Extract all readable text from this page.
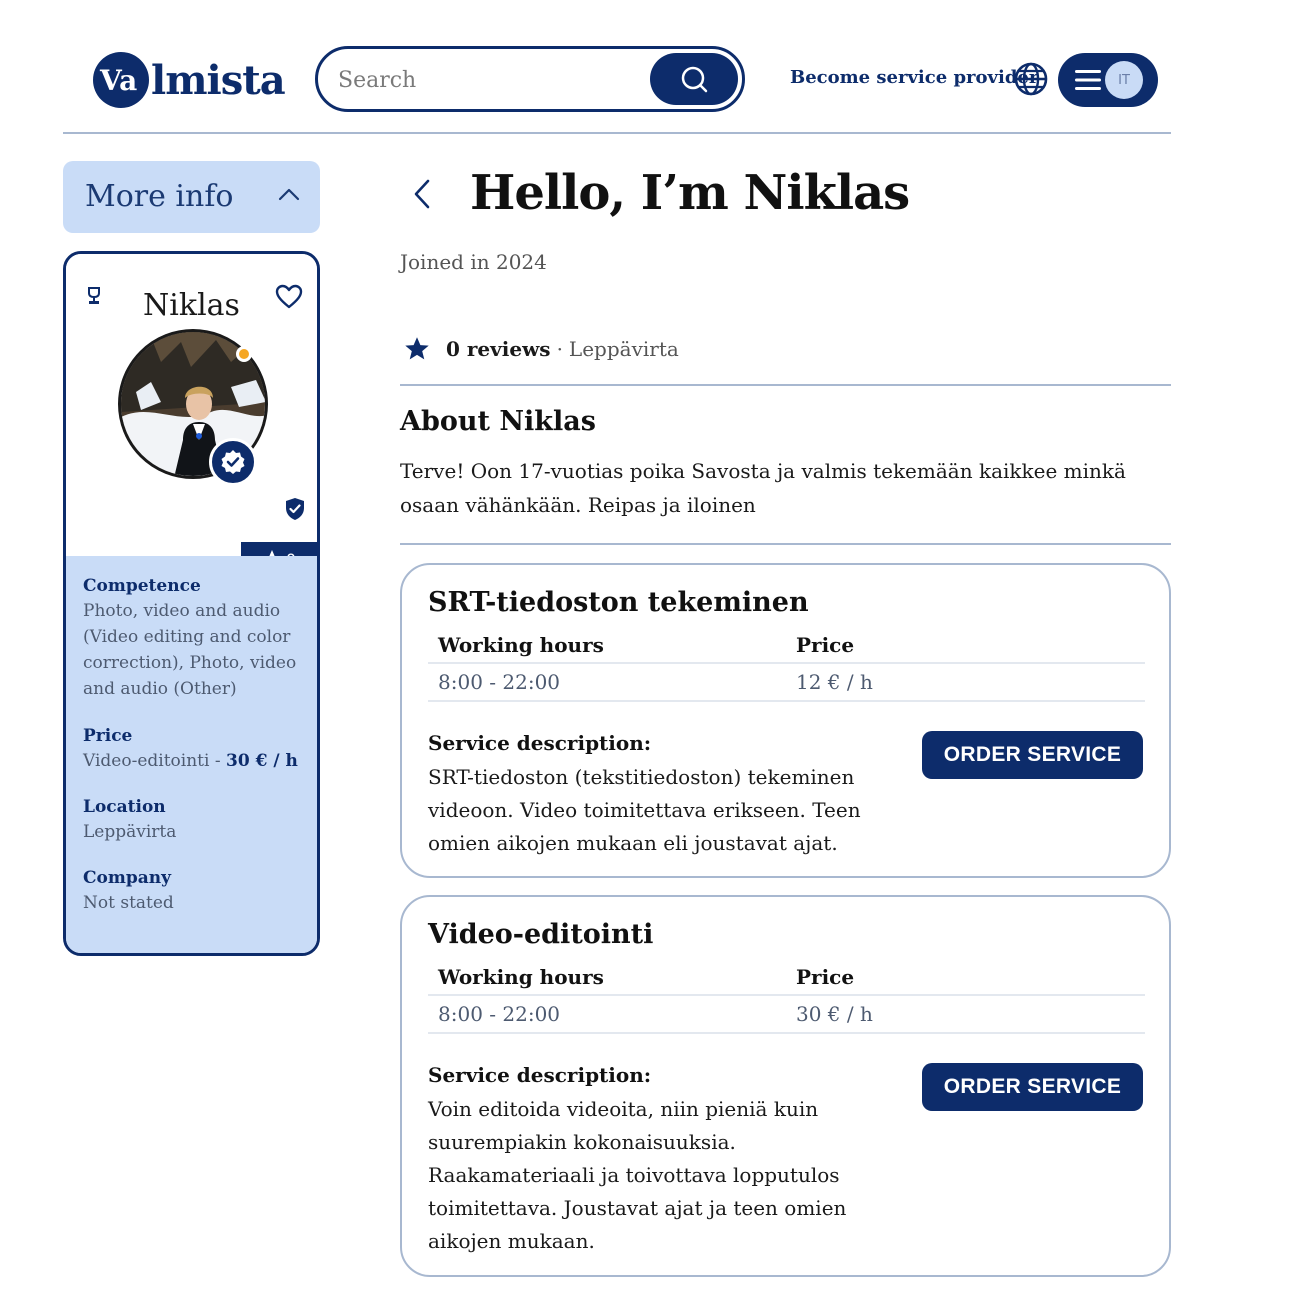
Va lmista
Search	Become service provider	IT
More info
Niklas
Competence
Photo, video and audio (Video editing and color correction), Photo, video and audio (Other)
Price
Video-editointi - 30 € / h
Location
Leppävirta
Company
Not stated
Hello, I’m Niklas
Joined in 2024
0 reviews · Leppävirta
About Niklas

Terve! Oon 17-vuotias poika Savosta ja valmis tekemään kaikkee minkä osaan vähänkään. Reipas ja iloinen

SRT-tiedoston tekeminen
Working hours	Price
8:00 - 22:00	12 € / h
Service description:
SRT-tiedoston (tekstitiedoston) tekeminen videoon. Video toimitettava erikseen. Teen omien aikojen mukaan eli joustavat ajat.
ORDER SERVICE
Video-editointi
Working hours	Price
8:00 - 22:00	30 € / h
Service description:
Voin editoida videoita, niin pieniä kuin suurempiakin kokonaisuuksia. Raakamateriaali ja toivottava lopputulos toimitettava. Joustavat ajat ja teen omien aikojen mukaan.
ORDER SERVICE
